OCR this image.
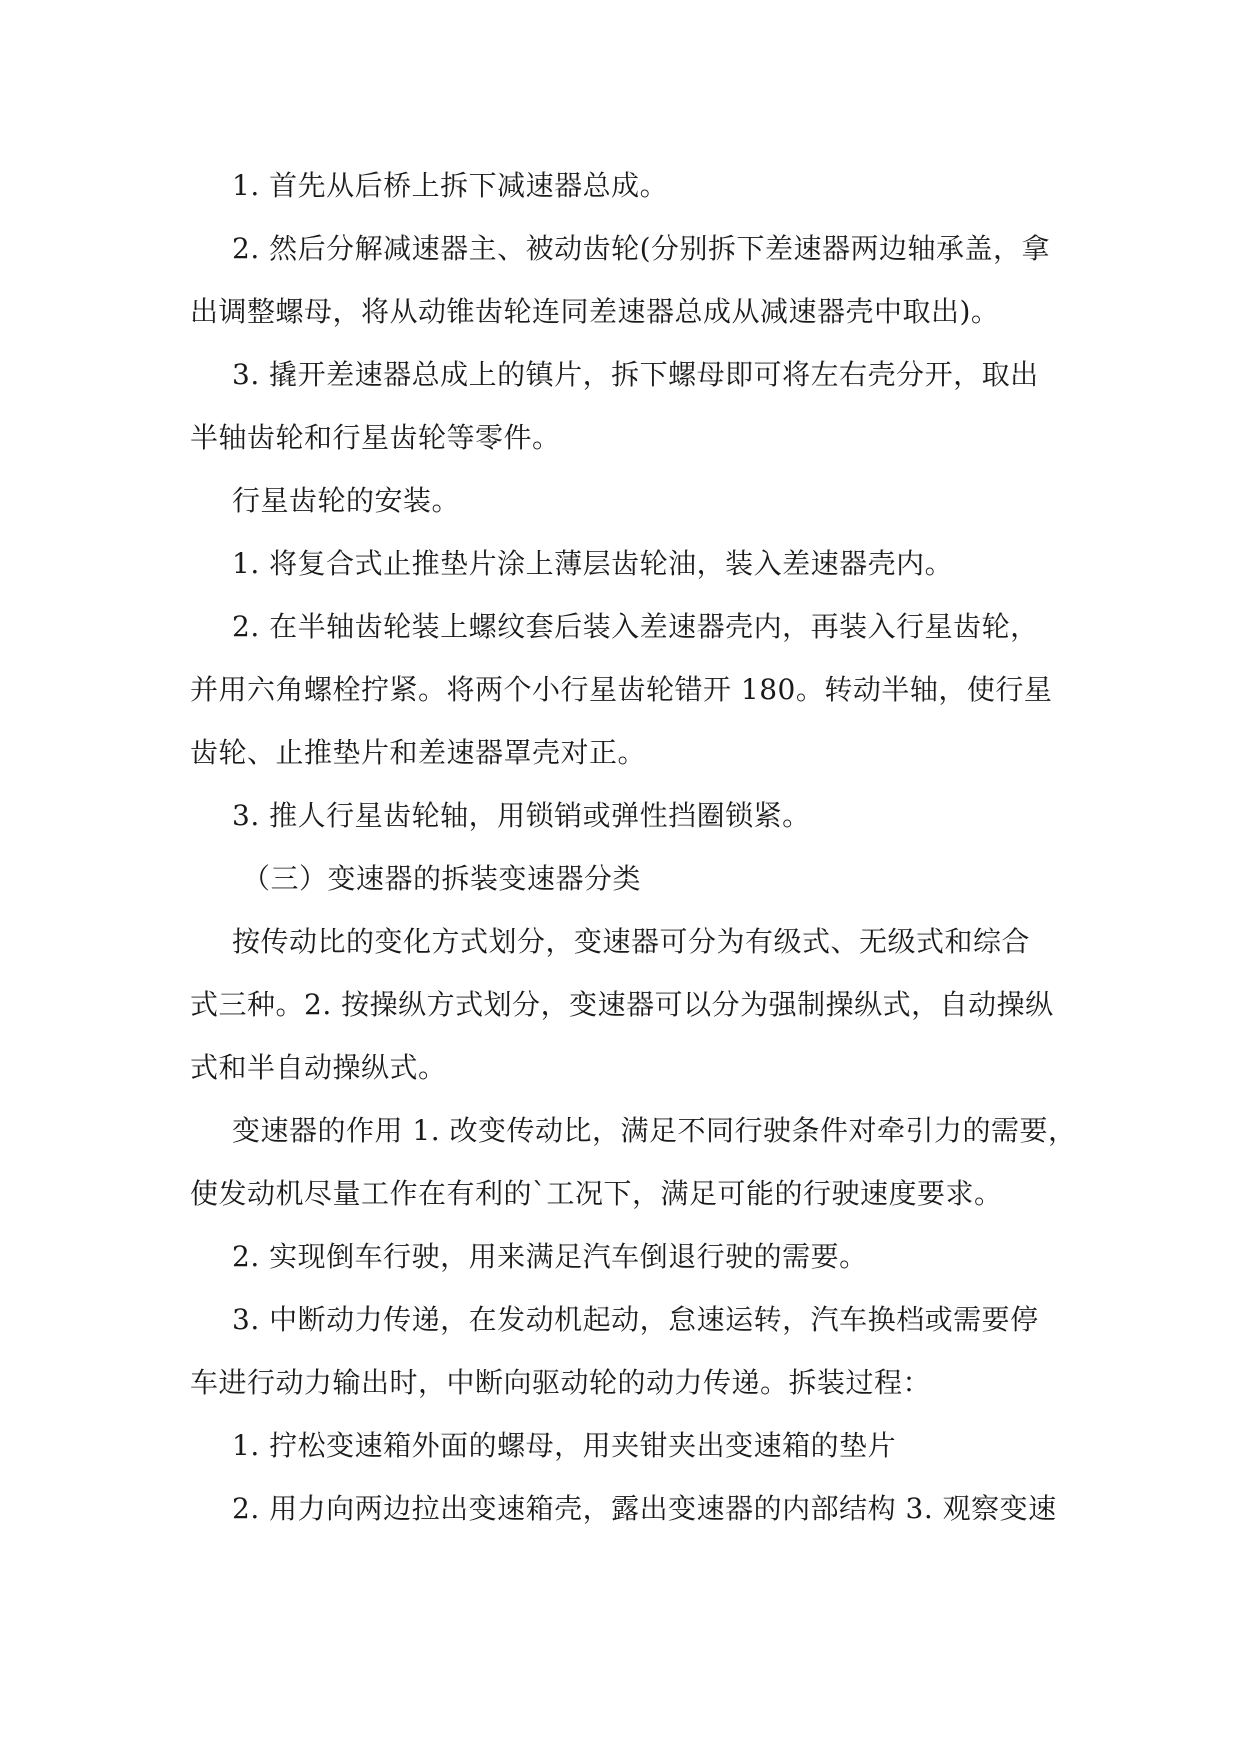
1. 首先从后桥上拆下减速器总成。
2. 然后分解减速器主、被动齿轮(分别拆下差速器两边轴承盖，拿
出调整螺母，将从动锥齿轮连同差速器总成从减速器壳中取出)。
3. 撬开差速器总成上的镇片，拆下螺母即可将左右壳分开，取出
半轴齿轮和行星齿轮等零件。
行星齿轮的安装。
1. 将复合式止推垫片涂上薄层齿轮油，装入差速器壳内。
2. 在半轴齿轮装上螺纹套后装入差速器壳内，再装入行星齿轮，
并用六角螺栓拧紧。将两个小行星齿轮错开 180。转动半轴，使行星
齿轮、止推垫片和差速器罩壳对正。
3. 推人行星齿轮轴，用锁销或弹性挡圈锁紧。
（三）变速器的拆装变速器分类
按传动比的变化方式划分，变速器可分为有级式、无级式和综合
式三种。2. 按操纵方式划分，变速器可以分为强制操纵式，自动操纵
式和半自动操纵式。
变速器的作用 1. 改变传动比，满足不同行驶条件对牵引力的需要，
使发动机尽量工作在有利的`工况下，满足可能的行驶速度要求。
2. 实现倒车行驶，用来满足汽车倒退行驶的需要。
3. 中断动力传递，在发动机起动，怠速运转，汽车换档或需要停
车进行动力输出时，中断向驱动轮的动力传递。拆装过程：
1. 拧松变速箱外面的螺母，用夹钳夹出变速箱的垫片
2. 用力向两边拉出变速箱壳，露出变速器的内部结构 3. 观察变速
